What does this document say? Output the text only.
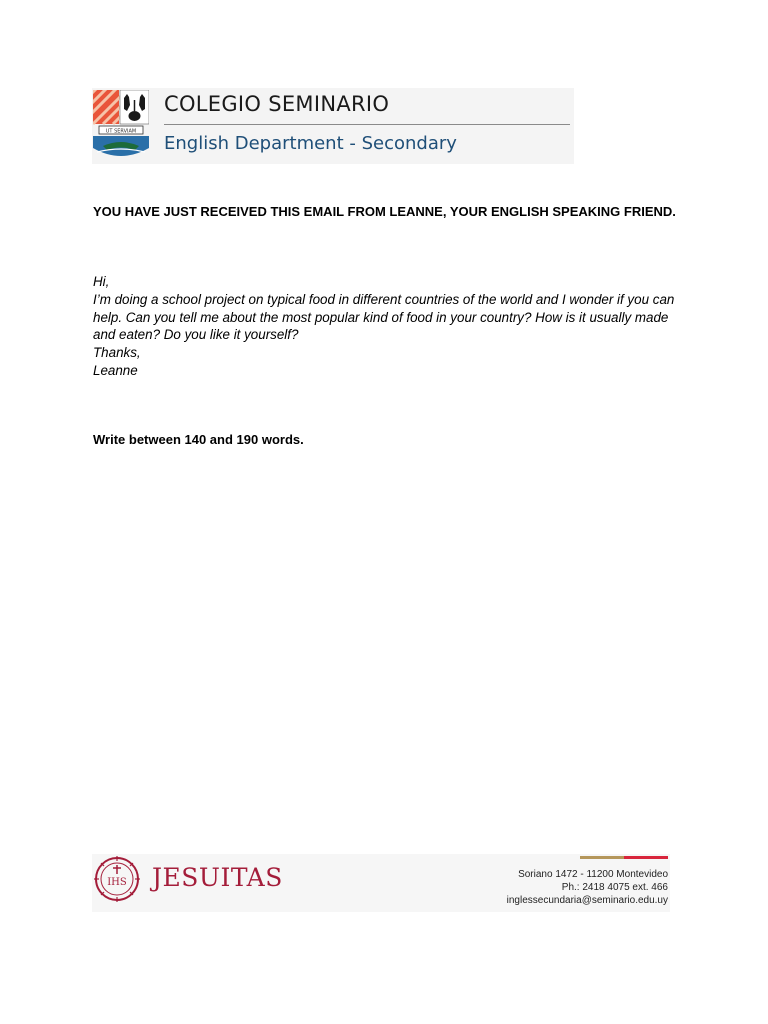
UT SERVIAM
COLEGIO SEMINARIO
English Department - Secondary
YOU HAVE JUST RECEIVED THIS EMAIL FROM LEANNE, YOUR ENGLISH SPEAKING FRIEND.

Hi,

I’m doing a school project on typical food in different countries of the world and I wonder if you can help. Can you tell me about the most popular kind of food in your country? How is it usually made and eaten? Do you like it yourself?

Thanks,

Leanne

Write between 140 and 190 words.
IHS JESUITAS	Soriano 1472 - 11200 Montevideo
Ph.: 2418 4075 ext. 466
inglessecundaria@seminario.edu.uy
